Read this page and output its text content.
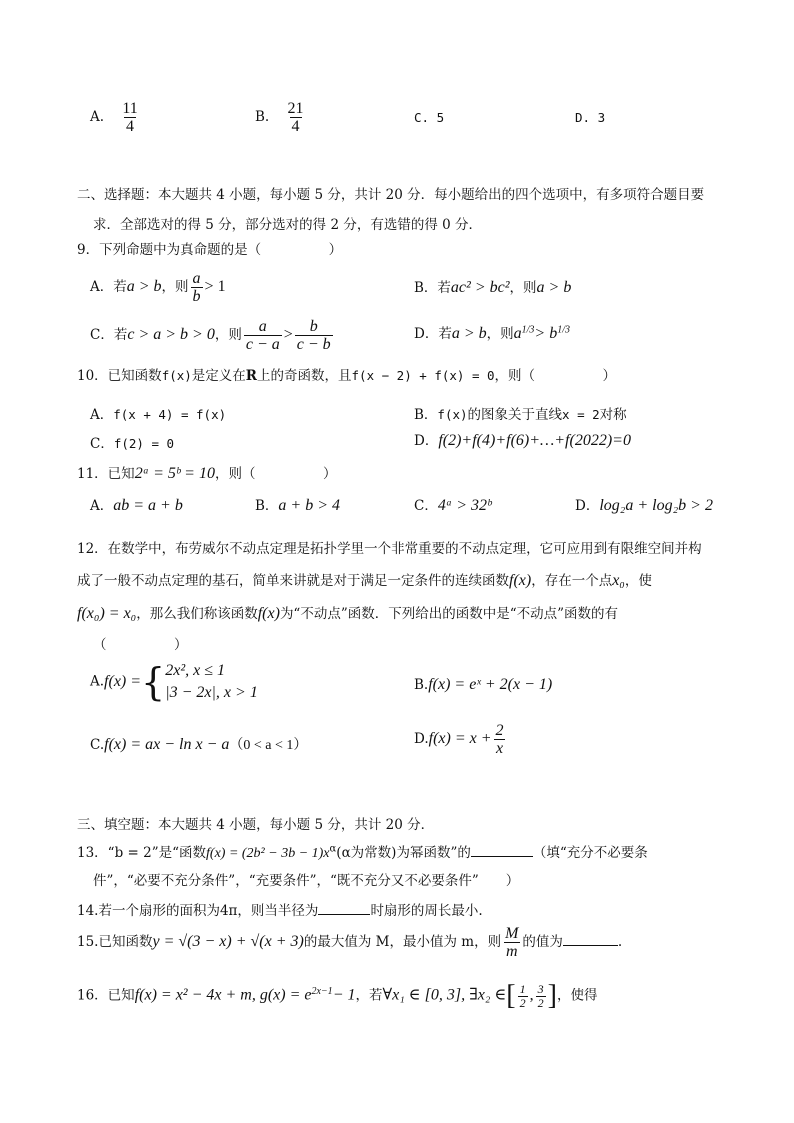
A. $\frac{11}{4}$	B. $\frac{21}{4}$	C. 5	D. 3
二、选择题：本大题共 4 小题，每小题 5 分，共计 20 分．每小题给出的四个选项中，有多项符合题目要
求．全部选对的得 5 分，部分选对的得 2 分，有选错的得 0 分．
9．下列命题中为真命题的是（　　　　　）
A．若a > b，则 $\frac{a}{b} > 1$	B．若ac² > bc²，则a > b
C．若c > a > b > 0，则 $\frac{a}{c - a} > \frac{b}{c - b}$	D．若a > b，则$a^{1/3}> b^{1/3}$
10．已知函数f(x)是定义在R上的奇函数，且f(x − 2) + f(x) = 0，则（　　　　　）
A．f(x + 4) = f(x)	B．f(x)的图象关于直线x = 2对称
C．f(2) = 0	D．f(2)+f(4)+f(6)+…+f(2022)=0
11．已知2ᵃ = 5ᵇ = 10，则（　　　　　）
A．ab = a + b	B．a + b > 4	C．4ᵃ > 32ᵇ	D．log₂a + log₂b > 2
12．在数学中，布劳威尔不动点定理是拓扑学里一个非常重要的不动点定理，它可应用到有限维空间并构
成了一般不动点定理的基石，简单来讲就是对于满足一定条件的连续函数f(x)，存在一个点x₀，使
f(x₀) = x₀，那么我们称该函数f(x)为“不动点”函数．下列给出的函数中是“不动点”函数的有
（　　　　　）
A.f(x) ={ 2x², x ≤ 1
|3 − 2x|, x > 1	B.f(x) = eˣ + 2(x − 1)
C.f(x) = ax − ln x − a（0 < a < 1）	$D.f(x) = x + \frac{2}{x}$
三、填空题：本大题共 4 小题，每小题 5 分，共计 20 分．
13．“b = 2”是“函数$f(x) = (2b^2 - 3b - 1)x^\alpha(\alpha$为常数)为幂函数”的	（填“充分不必要条
件”，“必要不充分条件”，“充要条件”，“既不充分又不必要条件”　　）
14.若一个扇形的面积为4π，则当半径为	时扇形的周长最小.
15.已知函数y = √(3 − x) + √(x + 3)的最大值为 M，最小值为 m，则 $\frac{M}{m}$ 的值为	.
16．已知f(x) = x² − 4x + m, $g(x) = e^{2x-1}- 1$，若∀x₁ ∈ [0, 3], ∃x₂ ∈[ $\frac{1}{2}$ , $\frac{3}{2}$ ]，使得
